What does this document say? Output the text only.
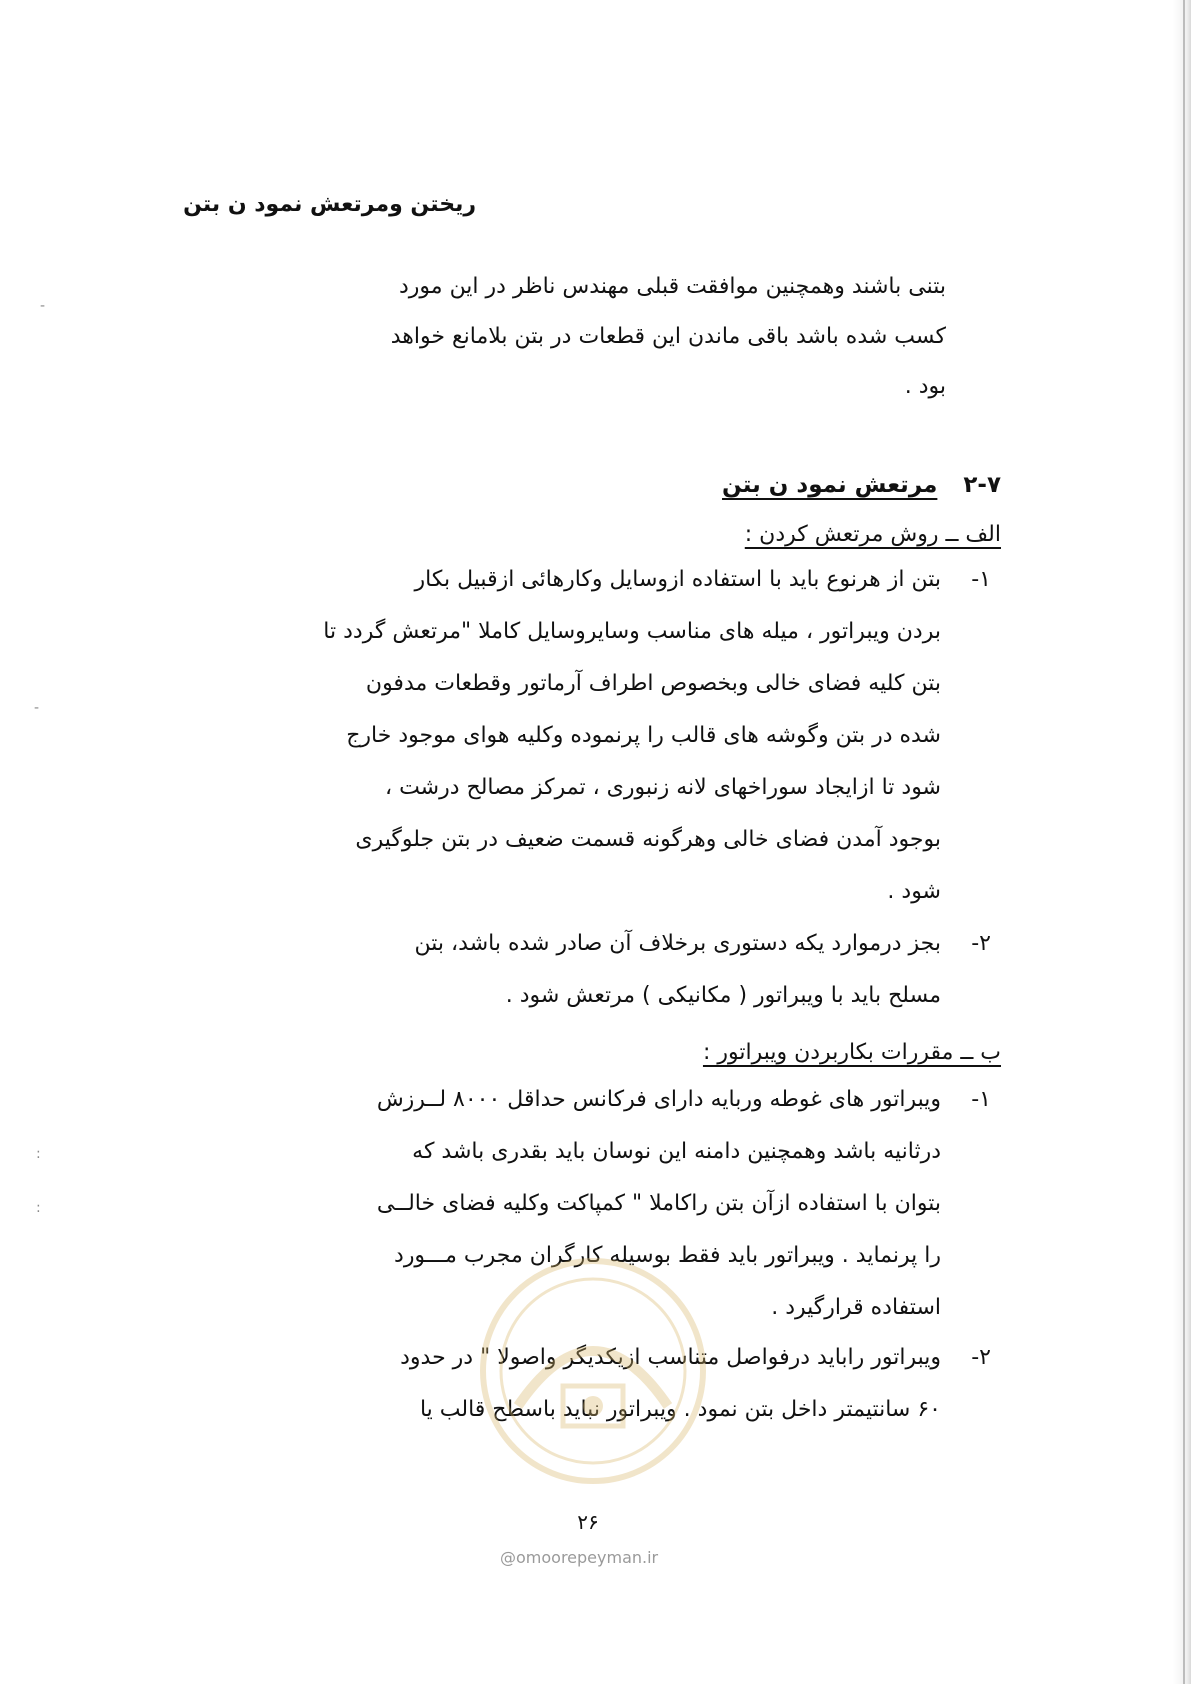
-
-
:
:
ریختن ومرتعش نمود ن بتن
بتنی باشند وهمچنین موافقت قبلی مهندس ناظر در این مورد
کسب شده باشد باقی ماندن این قطعات در بتن بلامانع خواهد
بود .
۲-۷
مرتعش نمود ن بتن
الف ــ روش مرتعش کردن :
۱-
بتن از هرنوع باید با استفاده ازوسایل وکارهائی ازقبیل بکار
بردن ویبراتور ، میله های مناسب وسایروسایل کاملا "مرتعش گردد تا
بتن کلیه فضای خالی وبخصوص اطراف آرماتور وقطعات مدفون
شده در بتن وگوشه های قالب را پرنموده وکلیه هوای موجود خارج
شود تا ازایجاد سوراخهای لانه زنبوری ، تمرکز مصالح درشت ،
بوجود آمدن فضای خالی وهرگونه قسمت ضعیف در بتن جلوگیری
شود .
۲-
بجز درموارد یکه دستوری برخلاف آن صادر شده باشد، بتن
مسلح باید با ویبراتور ( مکانیکی ) مرتعش شود .
ب ــ مقررات بکاربردن ویبراتور :
۱-
ویبراتور های غوطه وربایه دارای فرکانس حداقل ۸۰۰۰ لــرزش
درثانیه باشد وهمچنین دامنه این نوسان باید بقدری باشد که
بتوان با استفاده ازآن بتن راکاملا " کمپاکت وکلیه فضای خالــی
را پرنماید . ویبراتور باید فقط بوسیله کارگران مجرب مـــورد
استفاده قرارگیرد .
۲-
ویبراتور راباید درفواصل متناسب ازیکدیگر واصولا " در حدود
۶۰ سانتیمتر داخل بتن نمود . ویبراتور نباید باسطح قالب یا
۲۶
@omoorepeyman.ir
